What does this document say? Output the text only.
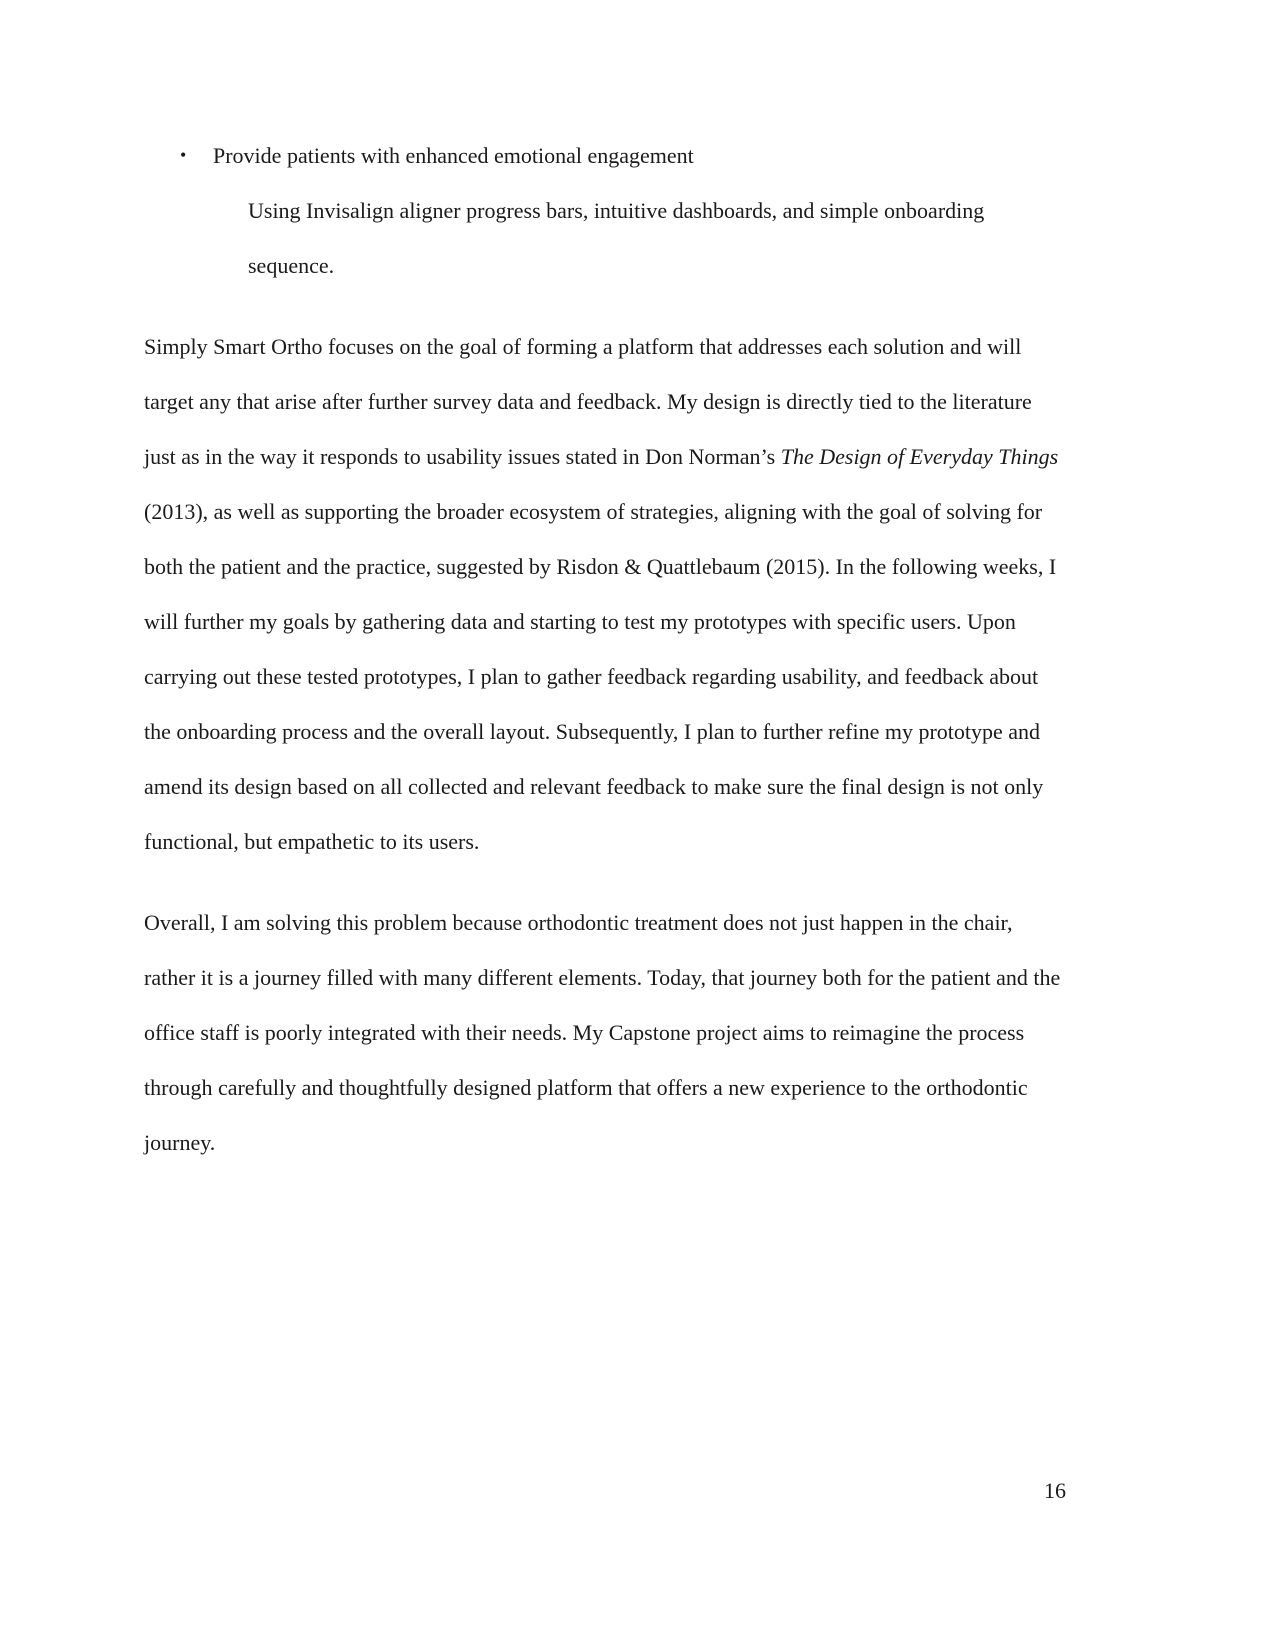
•	Provide patients with enhanced emotional engagement
Using Invisalign aligner progress bars, intuitive dashboards, and simple onboarding sequence.

Simply Smart Ortho focuses on the goal of forming a platform that addresses each solution and will target any that arise after further survey data and feedback. My design is directly tied to the literature just as in the way it responds to usability issues stated in Don Norman’s The Design of Everyday Things (2013), as well as supporting the broader ecosystem of strategies, aligning with the goal of solving for both the patient and the practice, suggested by Risdon & Quattlebaum (2015). In the following weeks, I will further my goals by gathering data and starting to test my prototypes with specific users. Upon carrying out these tested prototypes, I plan to gather feedback regarding usability, and feedback about the onboarding process and the overall layout. Subsequently, I plan to further refine my prototype and amend its design based on all collected and relevant feedback to make sure the final design is not only functional, but empathetic to its users.

Overall, I am solving this problem because orthodontic treatment does not just happen in the chair, rather it is a journey filled with many different elements. Today, that journey both for the patient and the office staff is poorly integrated with their needs. My Capstone project aims to reimagine the process through carefully and thoughtfully designed platform that offers a new experience to the orthodontic journey.

16
